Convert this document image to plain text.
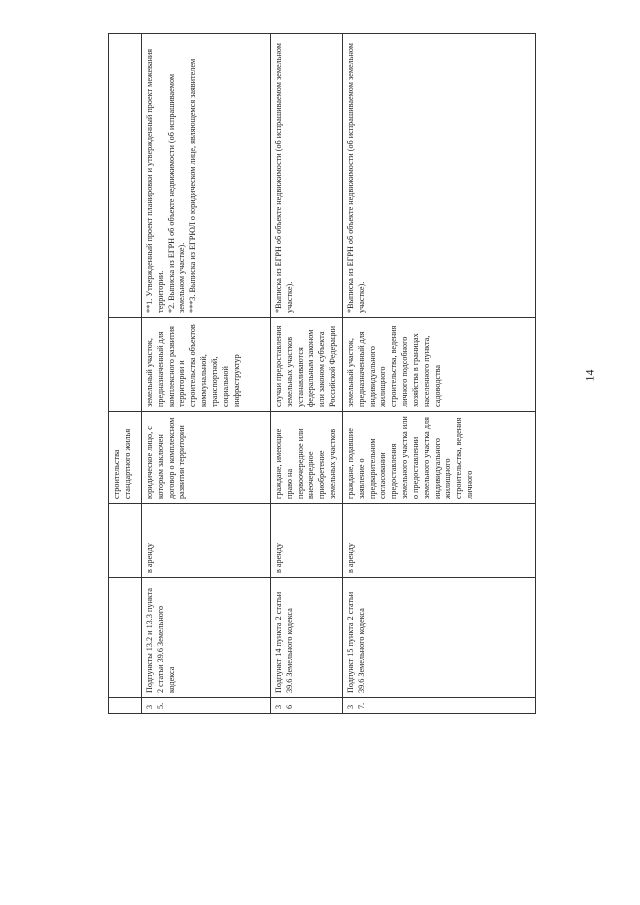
14
			строительства стандартного жилья		
35.	Подпункты 13.2 и 13.3 пункта 2 статьи 39.6 Земельного кодекса	в аренду	юридическое лицо, с которым заключен договор о комплексном развитии территории	земельный участок, предназначенный для комплексного развития территории и строительства объектов коммунальной, транспортной, социальной инфраструктур	**1. Утвержденный проект планировки и утвержденный проект межевания территории. *2. Выписка из ЕГРН об объекте недвижимости (об испрашиваемом земельном участке). ***3. Выписка из ЕГРЮЛ о юридическом лице, являющемся заявителем

36	Подпункт 14 пункта 2 статьи 39.6 Земельного кодекса	в аренду	граждане, имеющие право на первоочередное или внеочередное приобретение земельных участков	случаи предоставления земельных участков устанавливаются федеральным законом или законом субъекта Российской Федерации	*Выписка из ЕГРН об объекте недвижимости (об испрашиваемом земельном участке).

37.	Подпункт 15 пункта 2 статьи 39.6 Земельного кодекса	в аренду	граждане, подавшие заявление о предварительном согласовании предоставления земельного участка или о предоставлении земельного участка для индивидуального жилищного строительства, ведения личного	земельный участок, предназначенный для индивидуального жилищного строительства, ведения личного подсобного хозяйства в границах населенного пункта, садоводства	*Выписка из ЕГРН об объекте недвижимости (об испрашиваемом земельном участке).
